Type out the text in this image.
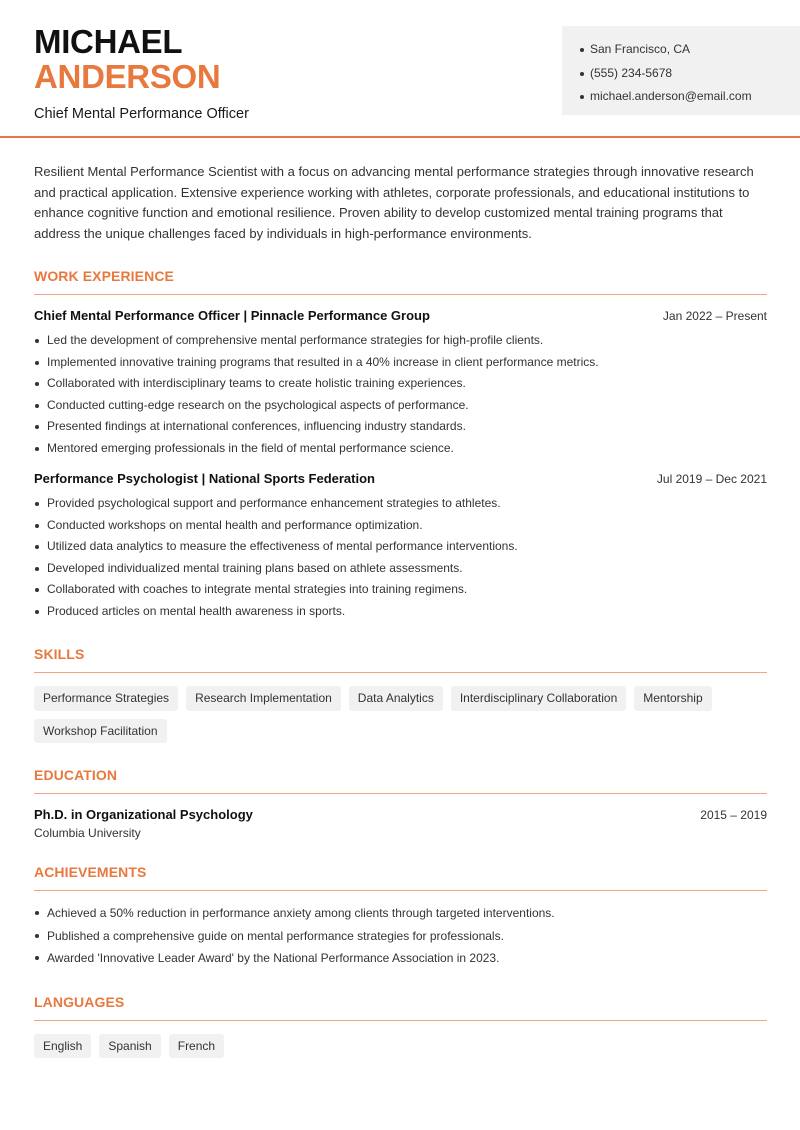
MICHAEL
ANDERSON
Chief Mental Performance Officer
San Francisco, CA
(555) 234-5678
michael.anderson@email.com

Resilient Mental Performance Scientist with a focus on advancing mental performance strategies through innovative research and practical application. Extensive experience working with athletes, corporate professionals, and educational institutions to enhance cognitive function and emotional resilience. Proven ability to develop customized mental training programs that address the unique challenges faced by individuals in high-performance environments.

WORK EXPERIENCE
Chief Mental Performance Officer | Pinnacle Performance Group	Jan 2022 – Present
Led the development of comprehensive mental performance strategies for high-profile clients.
Implemented innovative training programs that resulted in a 40% increase in client performance metrics.
Collaborated with interdisciplinary teams to create holistic training experiences.
Conducted cutting-edge research on the psychological aspects of performance.
Presented findings at international conferences, influencing industry standards.
Mentored emerging professionals in the field of mental performance science.
Performance Psychologist | National Sports Federation	Jul 2019 – Dec 2021
Provided psychological support and performance enhancement strategies to athletes.
Conducted workshops on mental health and performance optimization.
Utilized data analytics to measure the effectiveness of mental performance interventions.
Developed individualized mental training plans based on athlete assessments.
Collaborated with coaches to integrate mental strategies into training regimens.
Produced articles on mental health awareness in sports.
SKILLS
Performance Strategies	Research Implementation	Data Analytics	Interdisciplinary Collaboration	Mentorship
Workshop Facilitation
EDUCATION
Ph.D. in Organizational Psychology	2015 – 2019
Columbia University
ACHIEVEMENTS
Achieved a 50% reduction in performance anxiety among clients through targeted interventions.
Published a comprehensive guide on mental performance strategies for professionals.
Awarded 'Innovative Leader Award' by the National Performance Association in 2023.
LANGUAGES
English	Spanish	French
